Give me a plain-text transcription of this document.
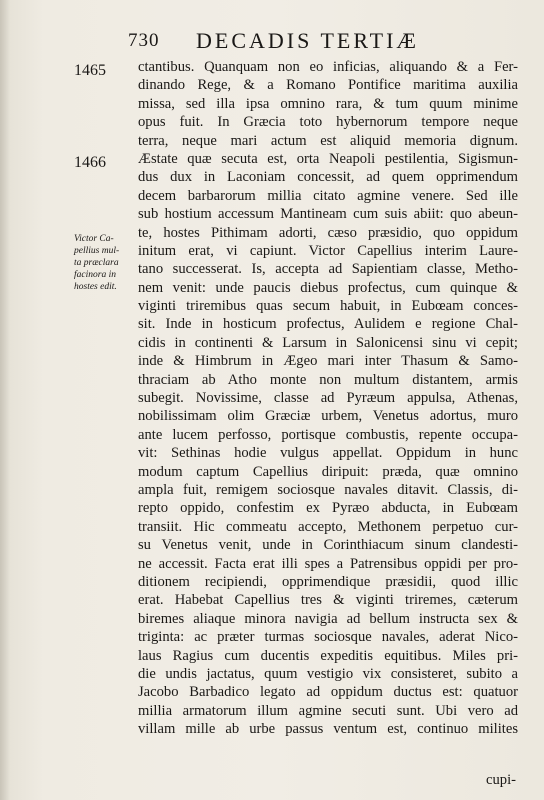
730 DECADIS TERTIÆ
1465
1466
Victor Ca-
pellius mul-
ta præclara
facinora in
hostes edit.
ctantibus. Quanquam non eo inficias, aliquando & a Fer-
dinando Rege, & a Romano Pontifice maritima auxilia
missa, sed illa ipsa omnino rara, & tum quum minime
opus fuit. In Græcia toto hybernorum tempore neque
terra, neque mari actum est aliquid memoria dignum.
Æstate quæ secuta est, orta Neapoli pestilentia, Sigismun-
dus dux in Laconiam concessit, ad quem opprimendum
decem barbarorum millia citato agmine venere. Sed ille
sub hostium accessum Mantineam cum suis abiit: quo abeun-
te, hostes Pithimam adorti, cæso præsidio, quo oppidum
initum erat, vi capiunt. Victor Capellius interim Laure-
tano successerat. Is, accepta ad Sapientiam classe, Metho-
nem venit: unde paucis diebus profectus, cum quinque &
viginti triremibus quas secum habuit, in Eubœam conces-
sit. Inde in hosticum profectus, Aulidem e regione Chal-
cidis in continenti & Larsum in Salonicensi sinu vi cepit;
inde & Himbrum in Ægeo mari inter Thasum & Samo-
thraciam ab Atho monte non multum distantem, armis
subegit. Novissime, classe ad Pyræum appulsa, Athenas,
nobilissimam olim Græciæ urbem, Venetus adortus, muro
ante lucem perfosso, portisque combustis, repente occupa-
vit: Sethinas hodie vulgus appellat. Oppidum in hunc
modum captum Capellius diripuit: præda, quæ omnino
ampla fuit, remigem sociosque navales ditavit. Classis, di-
repto oppido, confestim ex Pyræo abducta, in Eubœam
transiit. Hic commeatu accepto, Methonem perpetuo cur-
su Venetus venit, unde in Corinthiacum sinum clandesti-
ne accessit. Facta erat illi spes a Patrensibus oppidi per pro-
ditionem recipiendi, opprimendique præsidii, quod illic
erat. Habebat Capellius tres & viginti triremes, cæterum
biremes aliaque minora navigia ad bellum instructa sex &
triginta: ac præter turmas sociosque navales, aderat Nico-
laus Ragius cum ducentis expeditis equitibus. Miles pri-
die undis jactatus, quum vestigio vix consisteret, subito a
Jacobo Barbadico legato ad oppidum ductus est: quatuor
millia armatorum illum agmine secuti sunt. Ubi vero ad
villam mille ab urbe passus ventum est, continuo milites
cupi-
